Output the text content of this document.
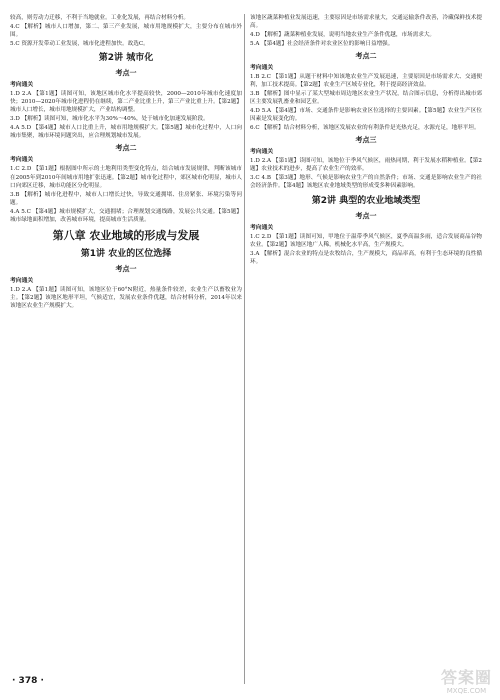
较高，则劳动力迁移，不利于当地就业。工业化发展，再结合材料分析。

4.C 【解析】城市人口增加，第二、第三产业发展，城市用地规模扩大，主要分布在城市外围。

5.C 资源开发带动工业发展，城市化进程加快。故选C。

第2讲 城市化
考点一
考向通关

1.D 2.A 【第1题】读图可知，该地区城市化水平提高较快，2000—2010年城市化速度加快；2010—2020年城市化进程仍在继续，第二产业比重上升，第三产业比重上升。【第2题】城市人口增长，城市用地规模扩大，产业结构调整。

3.D 【解析】读图可知，城市化水平为30%～40%，处于城市化加速发展阶段。

4.A 5.D 【第4题】城市人口比重上升，城市用地规模扩大。【第5题】城市化过程中，人口向城市集聚，城市环境问题突出，应合理规划城市发展。

考点二
考向通关

1.C 2.D 【第1题】根据图中所示的土地利用类型变化特点，结合城市发展规律，判断该城市在2005年到2010年间城市用地扩张迅速。【第2题】城市化过程中，郊区城市化明显，城市人口向郊区迁移，城市功能区分化明显。

3.B 【解析】城市化进程中，城市人口增长过快，导致交通拥堵、住房紧张、环境污染等问题。

4.A 5.C 【第4题】城市规模扩大，交通拥堵；合理规划交通线路，发展公共交通。【第5题】城市绿地面积增加，改善城市环境，提高城市生活质量。

第八章 农业地域的形成与发展
第1讲 农业的区位选择
考点一
考向通关

1.D 2.A 【第1题】读图可知，该地区位于60°N附近，热量条件较差，农业生产以畜牧业为主。【第2题】该地区地形平坦，气候适宜，发展农业条件优越，结合材料分析，2014年以来该地区农业生产规模扩大。

该地区蔬菜种植业发展迅速，主要原因是市场需求量大，交通运输条件改善，冷藏保鲜技术提高。

4.D 【解析】蔬菜种植业发展，说明当地农业生产条件优越，市场需求大。

5.A 【第4题】社会经济条件对农业区位的影响日益增强。

考点二
考向通关

1.B 2.C 【第1题】从题干材料中知该地农业生产发展迅速，主要原因是市场需求大、交通便利，加工技术提高。【第2题】农业生产区域专业化，利于提高经济效益。

3.B 【解析】图中显示了某大型城市周边地区农业生产状况，结合图示信息，分析得出城市郊区主要发展乳畜业和园艺业。

4.D 5.A 【第4题】市场、交通条件是影响农业区位选择的主要因素。【第5题】农业生产区位因素是发展变化的。

6.C 【解析】结合材料分析，该地区发展农业的有利条件是光热充足，水源充足，地形平坦。

考点三
考向通关

1.D 2.A 【第1题】读图可知，该地位于季风气候区，雨热同期，利于发展水稻种植业。【第2题】农业技术的进步，提高了农业生产的效率。

3.C 4.B 【第3题】地形、气候是影响农业生产的自然条件；市场、交通是影响农业生产的社会经济条件。【第4题】该地区农业地域类型的形成受多种因素影响。

第2讲 典型的农业地域类型
考点一
考向通关

1.C 2.D 【第1题】读图可知，甲地位于温带季风气候区，夏季高温多雨，适合发展商品谷物农业。【第2题】该地区地广人稀，机械化水平高，生产规模大。

3.A 【解析】混合农业的特点是农牧结合，生产规模大，商品率高，有利于生态环境的良性循环。

· 378 ·	答案圈
MXQE.COM
